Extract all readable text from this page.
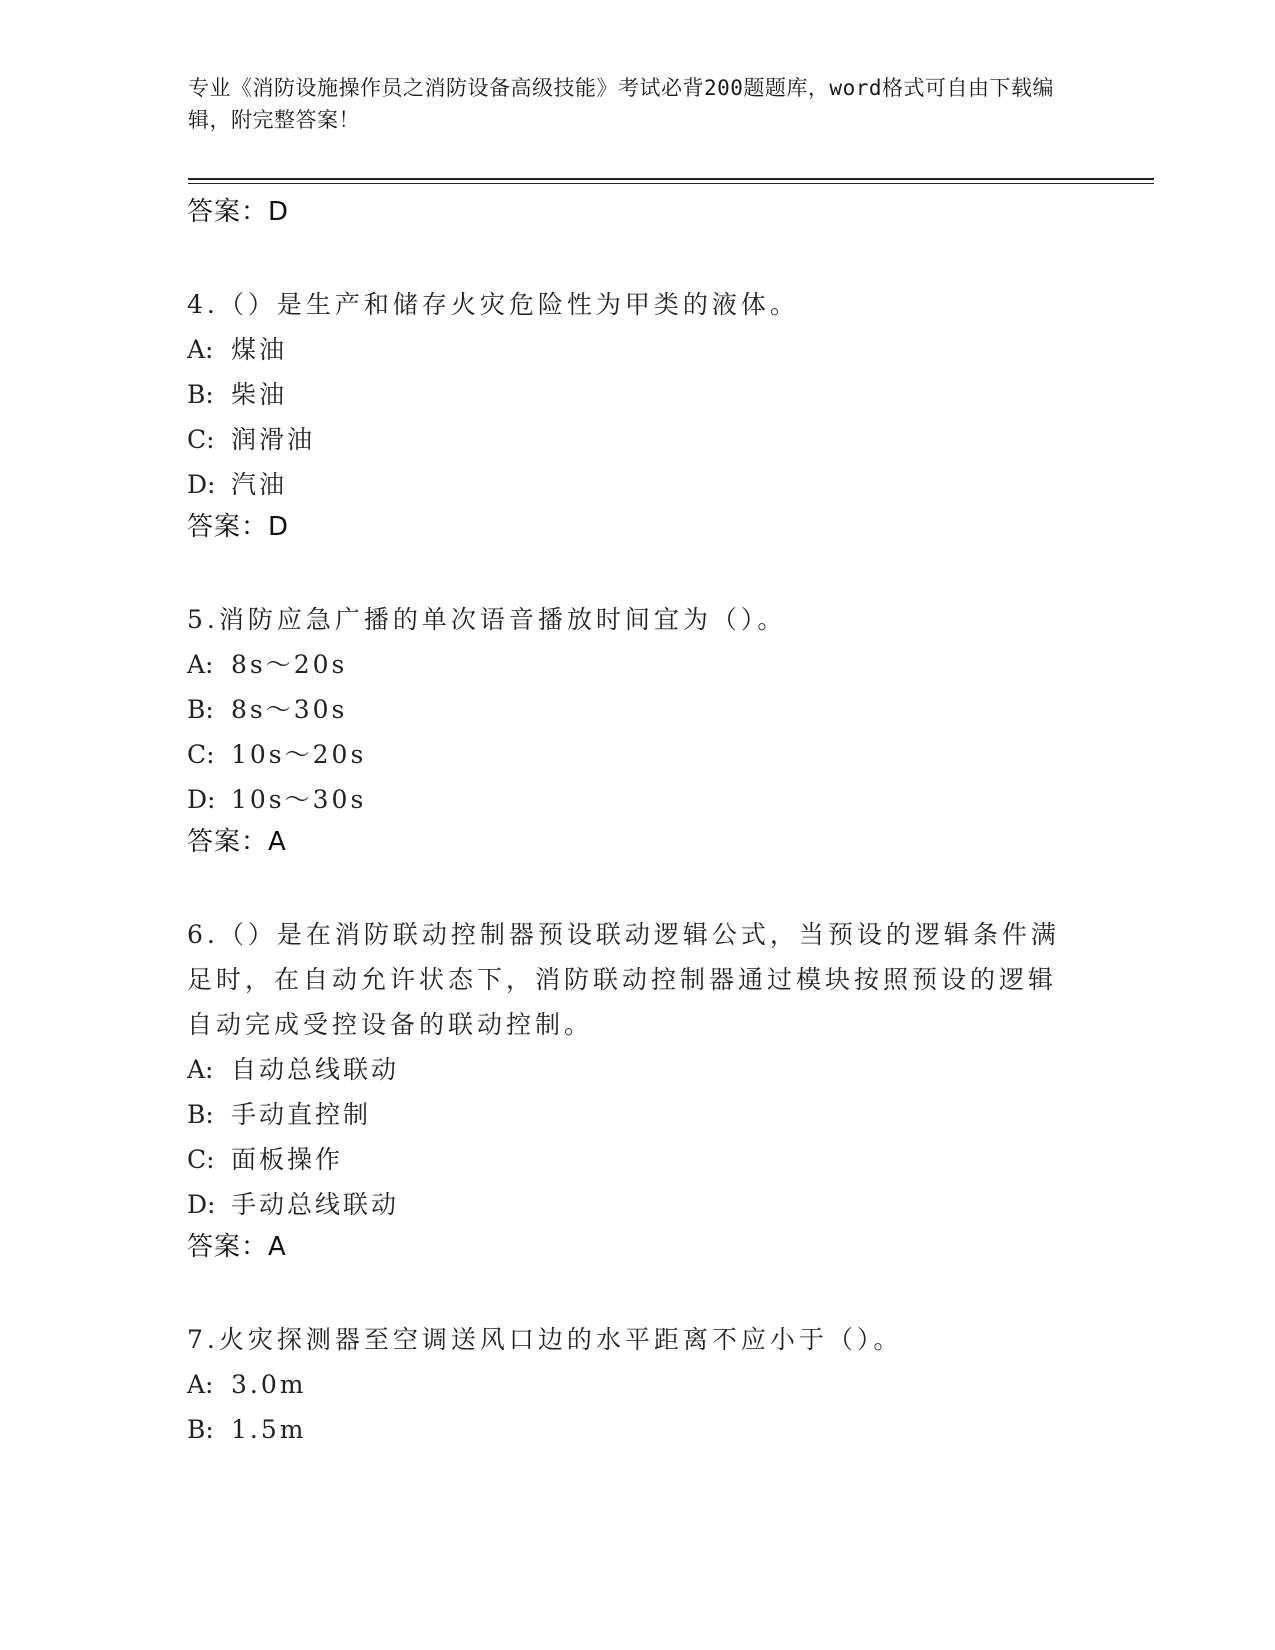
专业《消防设施操作员之消防设备高级技能》考试必背200题题库，word格式可自由下载编辑，附完整答案！
答案：D

4.（）是生产和储存火灾危险性为甲类的液体。

A: 煤油

B: 柴油

C: 润滑油

D: 汽油

答案：D

5.消防应急广播的单次语音播放时间宜为（）。

A: 8s～20s

B: 8s～30s

C: 10s～20s

D: 10s～30s

答案：A

6.（）是在消防联动控制器预设联动逻辑公式，当预设的逻辑条件满足时，在自动允许状态下，消防联动控制器通过模块按照预设的逻辑自动完成受控设备的联动控制。

A: 自动总线联动

B: 手动直控制

C: 面板操作

D: 手动总线联动

答案：A

7.火灾探测器至空调送风口边的水平距离不应小于（）。

A: 3.0m

B: 1.5m
